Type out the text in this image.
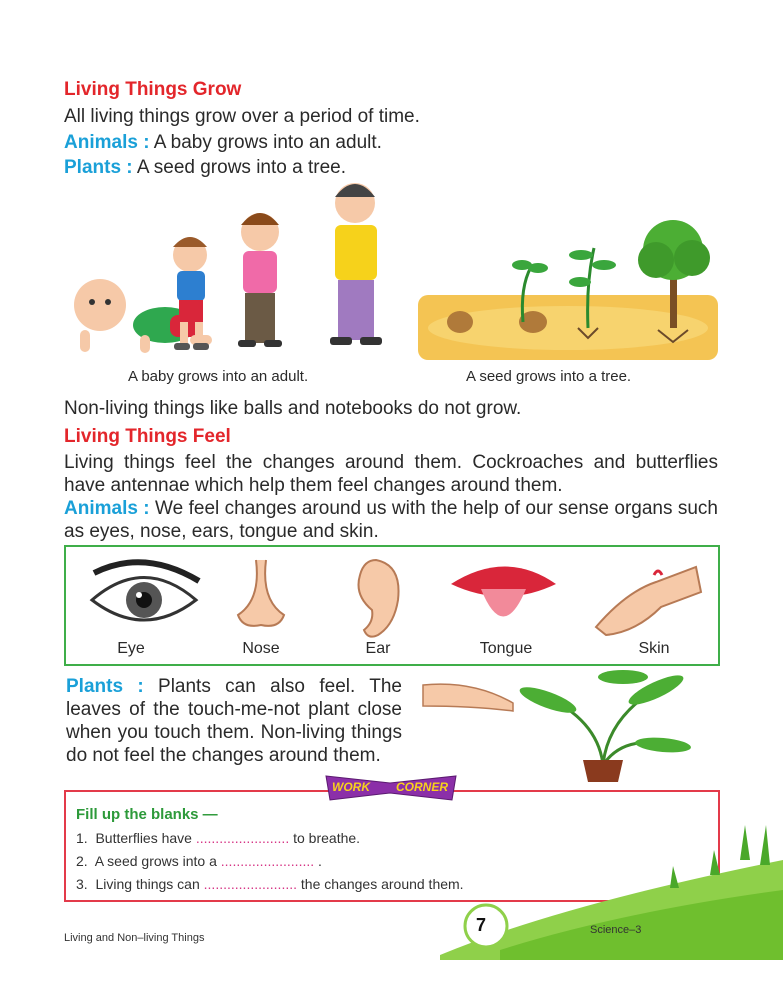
Living Things Grow
All living things grow over a period of time.
Animals : A baby grows into an adult.
Plants : A seed grows into a tree.
A baby grows into an adult.	A seed grows into a tree.
Non-living things like balls and notebooks do not grow.
Living Things Feel
Living things feel the changes around them. Cockroaches and butterflies have antennae which help them feel changes around them.
Animals : We feel changes around us with the help of our sense organs such as eyes, nose, ears, tongue and skin.
Eye	Nose	Ear	Tongue	Skin
Plants : Plants can also feel. The leaves of the touch-me-not plant close when you touch them. Non-living things do not feel the changes around them.
Fill up the blanks —
1. Butterflies have ........................ to breathe.
2. A seed grows into a ........................ .
3. Living things can ........................ the changes around them.
WORK CORNER
7
Living and Non–living Things
Science–3
